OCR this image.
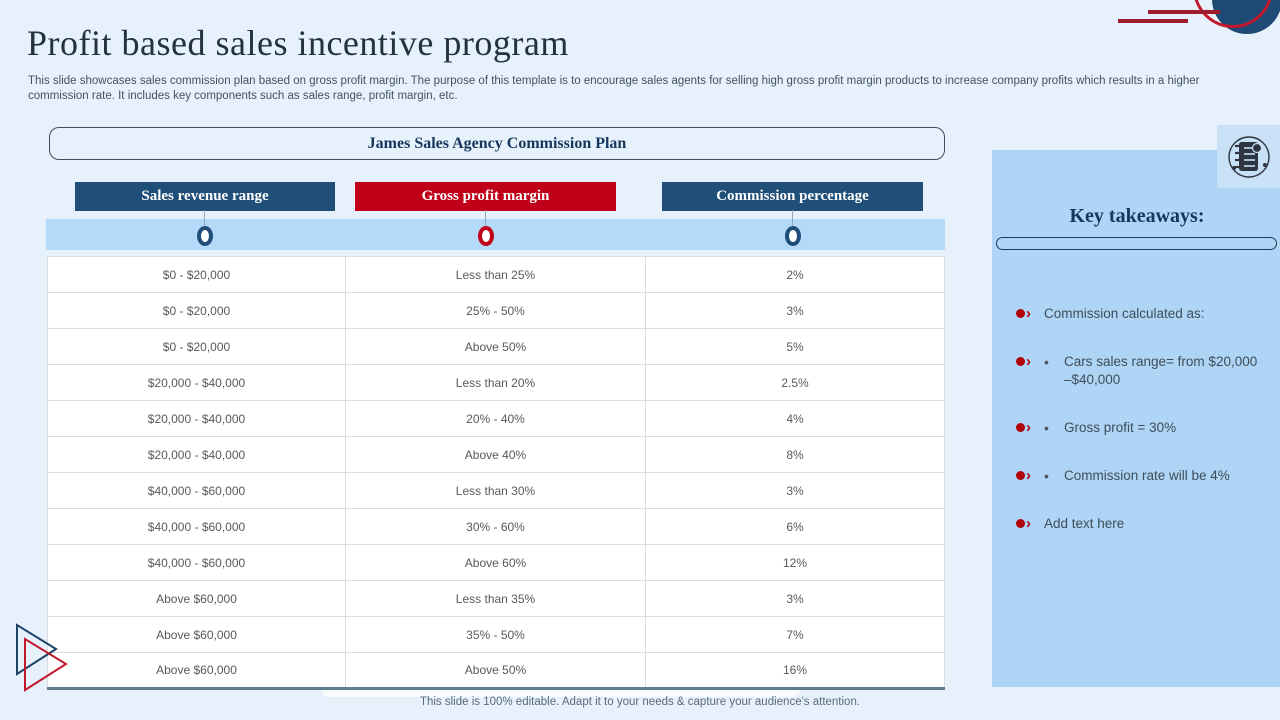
Profit based sales incentive program

This slide showcases sales commission plan based on gross profit margin. The purpose of this template is to encourage sales agents for selling high gross profit margin products to increase company profits which results in a higher commission rate. It includes key components such as sales range, profit margin, etc.

James Sales Agency Commission Plan
Sales revenue range	Gross profit margin	Commission percentage
$0 - $20,000	Less than 25%	2%
$0 - $20,000	25% - 50%	3%
$0 - $20,000	Above 50%	5%
$20,000 - $40,000	Less than 20%	2.5%
$20,000 - $40,000	20% - 40%	4%
$20,000 - $40,000	Above 40%	8%
$40,000 - $60,000	Less than 30%	3%
$40,000 - $60,000	30% - 60%	6%
$40,000 - $60,000	Above 60%	12%
Above $60,000	Less than 35%	3%
Above $60,000	35% - 50%	7%
Above $60,000	Above 50%	16%
Key takeaways:
› Commission calculated as:
› •	Cars sales range= from $20,000 –$40,000
› •	Gross profit = 30%
› •	Commission rate will be 4%
› Add text here

This slide is 100% editable. Adapt it to your needs & capture your audience's attention.
